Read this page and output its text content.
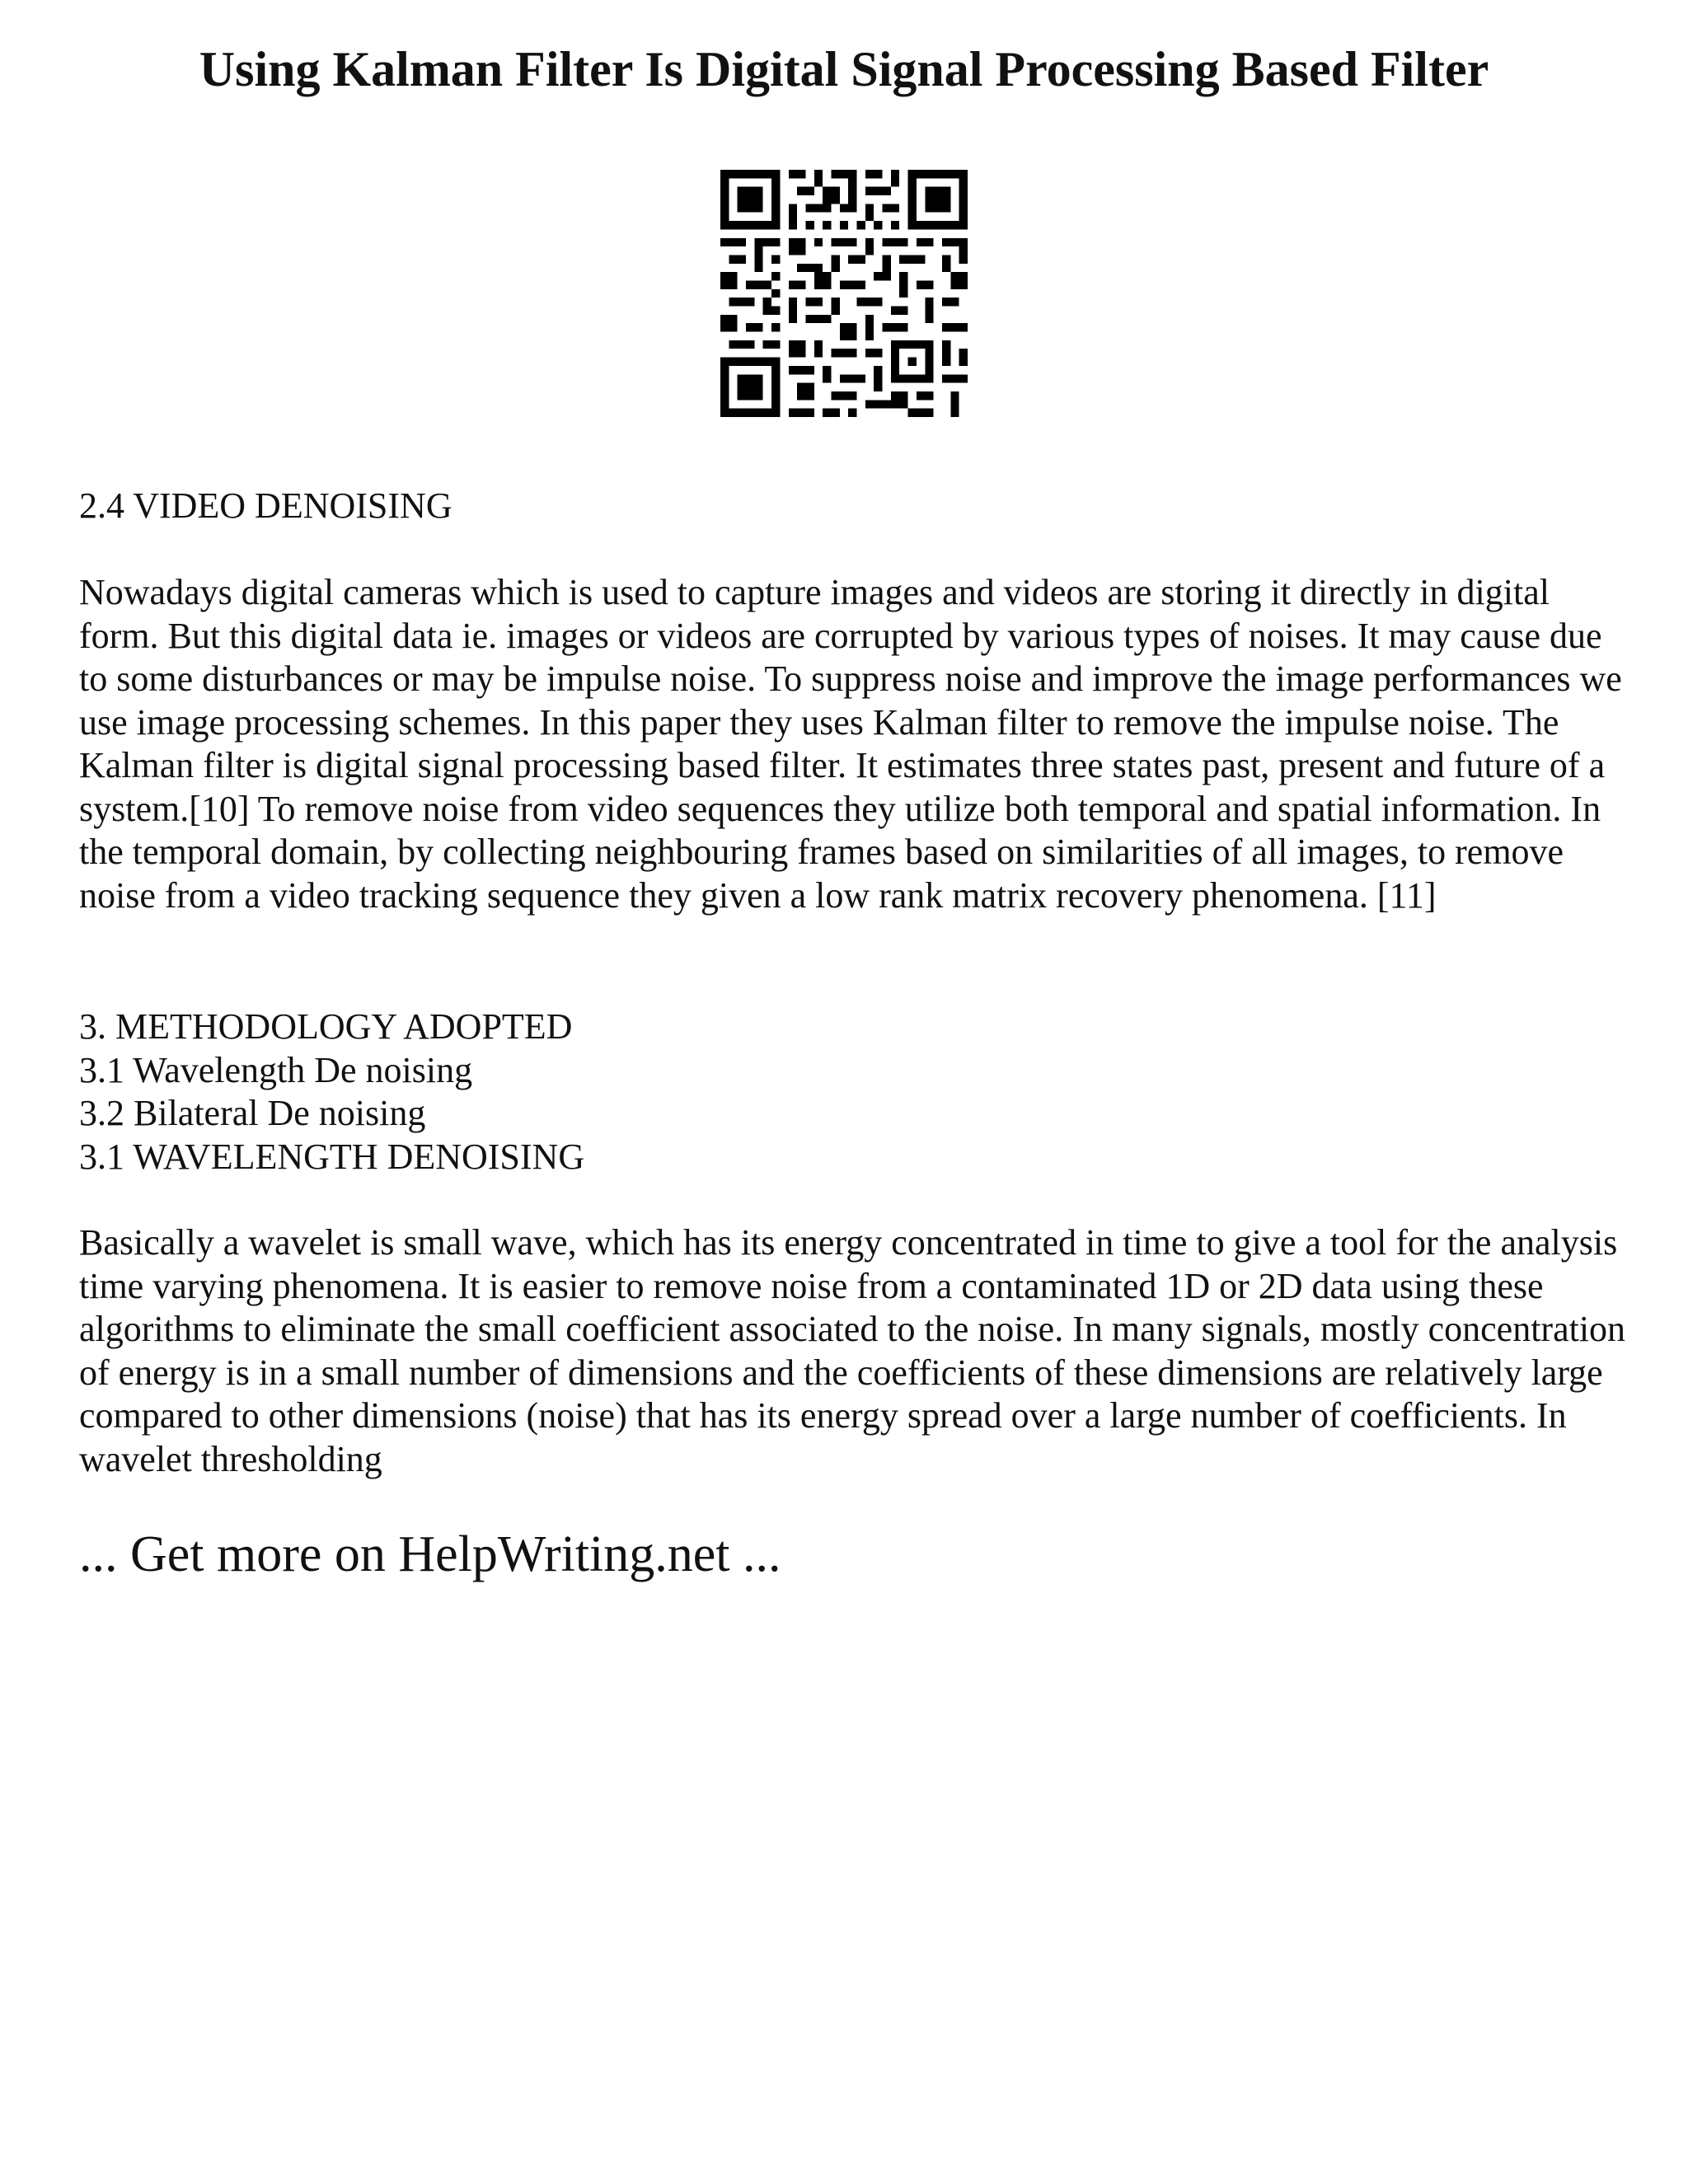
Using Kalman Filter Is Digital Signal Processing Based Filter

2.4 VIDEO DENOISING

Nowadays digital cameras which is used to capture images and videos are storing it directly in digital form. But this digital data ie. images or videos are corrupted by various types of noises. It may cause due to some disturbances or may be impulse noise. To suppress noise and improve the image performances we use image processing schemes. In this paper they uses Kalman filter to remove the impulse noise. The Kalman filter is digital signal processing based filter. It estimates three states past, present and future of a system.[10] To remove noise from video sequences they utilize both temporal and spatial information. In the temporal domain, by collecting neighbouring frames based on similarities of all images, to remove noise from a video tracking sequence they given a low rank matrix recovery phenomena. [11]

3. METHODOLOGY ADOPTED
3.1 Wavelength De noising
3.2 Bilateral De noising
3.1 WAVELENGTH DENOISING

Basically a wavelet is small wave, which has its energy concentrated in time to give a tool for the analysis time varying phenomena. It is easier to remove noise from a contaminated 1D or 2D data using these algorithms to eliminate the small coefficient associated to the noise. In many signals, mostly concentration of energy is in a small number of dimensions and the coefficients of these dimensions are relatively large compared to other dimensions (noise) that has its energy spread over a large number of coefficients. In wavelet thresholding

... Get more on HelpWriting.net ...
